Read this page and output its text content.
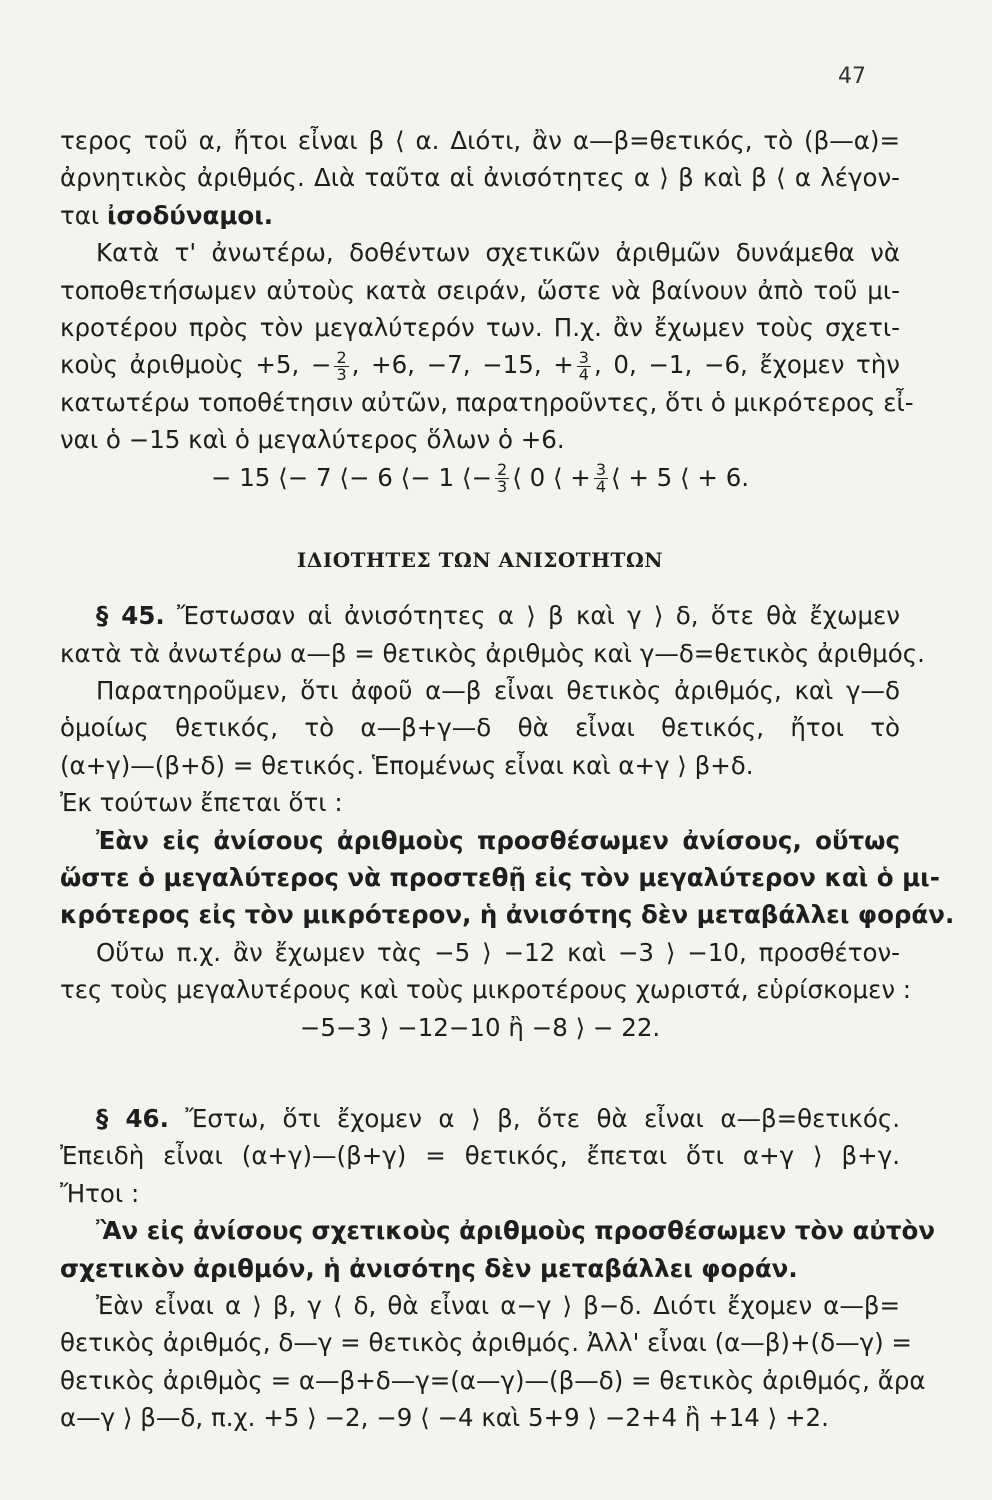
47
τερος τοῦ α, ἤτοι εἶναι β ⟨ α. Διότι, ἂν α—β=θετικός, τὸ (β—α)=
ἀρνητικὸς ἀριθμός. Διὰ ταῦτα αἱ ἀνισότητες α ⟩ β καὶ β ⟨ α λέγον-
ται ἰσοδύναμοι.
Κατὰ τ' ἀνωτέρω, δοθέντων σχετικῶν ἀριθμῶν δυνάμεθα νὰ
τοποθετήσωμεν αὐτοὺς κατὰ σειράν, ὥστε νὰ βαίνουν ἀπὸ τοῦ μι-
κροτέρου πρὸς τὸν μεγαλύτερόν των. Π.χ. ἂν ἔχωμεν τοὺς σχετι-
κοὺς ἀριθμοὺς +5, − $\frac{2}{3}$ , +6, −7, −15, + $\frac{3}{4}$ , 0, −1, −6, ἔχομεν τὴν
κατωτέρω τοποθέτησιν αὐτῶν, παρατηροῦντες, ὅτι ὁ μικρότερος εἶ-
ναι ὁ −15 καὶ ὁ μεγαλύτερος ὅλων ὁ +6.
− 15 ⟨− 7 ⟨− 6 ⟨− 1 ⟨− $\frac{2}{3}$ ⟨ 0 ⟨ + $\frac{3}{4}$ ⟨ + 5 ⟨ + 6.
ΙΔΙΟΤΗΤΕΣ ΤΩΝ ΑΝΙΣΟΤΗΤΩΝ
§ 45. Ἔστωσαν αἱ ἀνισότητες α ⟩ β καὶ γ ⟩ δ, ὅτε θὰ ἔχωμεν
κατὰ τὰ ἀνωτέρω α—β = θετικὸς ἀριθμὸς καὶ γ—δ=θετικὸς ἀριθμός.
Παρατηροῦμεν, ὅτι ἀφοῦ α—β εἶναι θετικὸς ἀριθμός, καὶ γ—δ
ὁμοίως θετικός, τὸ α—β+γ—δ θὰ εἶναι θετικός, ἤτοι τὸ
(α+γ)—(β+δ) = θετικός. Ἑπομένως εἶναι καὶ α+γ ⟩ β+δ.
Ἐκ τούτων ἔπεται ὅτι :
Ἐὰν εἰς ἀνίσους ἀριθμοὺς προσθέσωμεν ἀνίσους, οὕτως
ὥστε ὁ μεγαλύτερος νὰ προστεθῇ εἰς τὸν μεγαλύτερον καὶ ὁ μι-
κρότερος εἰς τὸν μικρότερον, ἡ ἀνισότης δὲν μεταβάλλει φοράν.
Οὕτω π.χ. ἂν ἔχωμεν τὰς −5 ⟩ −12 καὶ −3 ⟩ −10, προσθέτον-
τες τοὺς μεγαλυτέρους καὶ τοὺς μικροτέρους χωριστά, εὑρίσκομεν :
−5−3 ⟩ −12−10 ἢ −8 ⟩ − 22.
§ 46. Ἔστω, ὅτι ἔχομεν α ⟩ β, ὅτε θὰ εἶναι α—β=θετικός.
Ἐπειδὴ εἶναι (α+γ)—(β+γ) = θετικός, ἔπεται ὅτι α+γ ⟩ β+γ.
Ἤτοι :
Ἂν εἰς ἀνίσους σχετικοὺς ἀριθμοὺς προσθέσωμεν τὸν αὐτὸν
σχετικὸν ἀριθμόν, ἡ ἀνισότης δὲν μεταβάλλει φοράν.
Ἐὰν εἶναι α ⟩ β, γ ⟨ δ, θὰ εἶναι α−γ ⟩ β−δ. Διότι ἔχομεν α—β=
θετικὸς ἀριθμός, δ—γ = θετικὸς ἀριθμός. Ἀλλ' εἶναι (α—β)+(δ—γ) =
θετικὸς ἀριθμὸς = α—β+δ—γ=(α—γ)—(β—δ) = θετικὸς ἀριθμός, ἄρα
α—γ ⟩ β—δ, π.χ. +5 ⟩ −2, −9 ⟨ −4 καὶ 5+9 ⟩ −2+4 ἢ +14 ⟩ +2.
